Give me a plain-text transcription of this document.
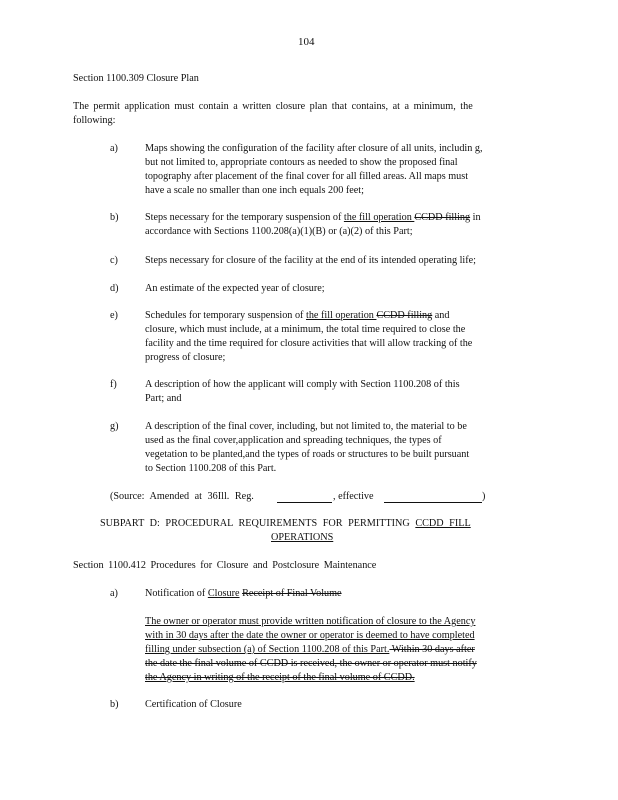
104
Section 1100.309 Closure Plan
The permit application must contain a written closure plan that contains, at a minimum, the
following:
a)	Maps showing the configuration of the facility after closure of all units, includin g,
but not limited to, appropriate contours as needed to show the proposed final
topography after placement of the final cover for all filled areas. All maps must
have a scale no smaller than one inch equals 200 feet;
b)	Steps necessary for the temporary suspension of the fill operation CCDD filling in
accordance with Sections 1100.208(a)(1)(B) or (a)(2) of this Part;
c)	Steps necessary for closure of the facility at the end of its intended operating life;
d)	An estimate of the expected year of closure;
e)	Schedules for temporary suspension of the fill operation CCDD filling and
closure, which must include, at a minimum, the total time required to close the
facility and the time required for closure activities that will allow tracking of the
progress of closure;
f)	A description of how the applicant will comply with Section 1100.208 of this
Part; and
g)	A description of the final cover, including, but not limited to, the material to be
used as the final cover,application and spreading techniques, the types of
vegetation to be planted,and the types of roads or structures to be built pursuant
to Section 1100.208 of this Part.
(Source: Amended at 36Ill. Reg.	, effective	)
SUBPART D: PROCEDURAL REQUIREMENTS FOR PERMITTING CCDD FILL
OPERATIONS
Section 1100.412 Procedures for Closure and Postclosure Maintenance
a)	Notification of Closure Receipt of Final Volume
The owner or operator must provide written notification of closure to the Agency
with in 30 days after the date the owner or operator is deemed to have completed
filling under subsection (a) of Section 1100.208 of this Part. Within 30 days after
the date the final volume of CCDD is received, the owner or operator must notify
the Agency in writing of the receipt of the final volume of CCDD.
b)	Certification of Closure
